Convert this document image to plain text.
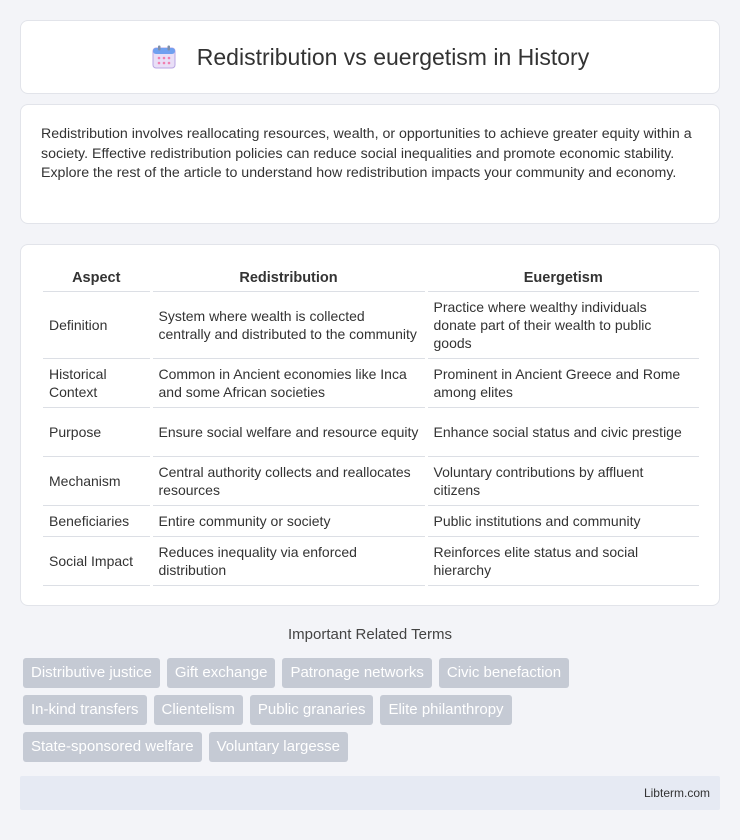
Redistribution vs euergetism in History

Redistribution involves reallocating resources, wealth, or opportunities to achieve greater equity within a society. Effective redistribution policies can reduce social inequalities and promote economic stability. Explore the rest of the article to understand how redistribution impacts your community and economy.

Aspect	Redistribution	Euergetism
Definition	System where wealth is collected centrally and distributed to the community	Practice where wealthy individuals donate part of their wealth to public goods
Historical Context	Common in Ancient economies like Inca and some African societies	Prominent in Ancient Greece and Rome among elites
Purpose	Ensure social welfare and resource equity	Enhance social status and civic prestige
Mechanism	Central authority collects and reallocates resources	Voluntary contributions by affluent citizens
Beneficiaries	Entire community or society	Public institutions and community
Social Impact	Reduces inequality via enforced distribution	Reinforces elite status and social hierarchy
Important Related Terms
Distributive justice	Gift exchange	Patronage networks	Civic benefaction
In-kind transfers	Clientelism	Public granaries	Elite philanthropy
State-sponsored welfare	Voluntary largesse
Libterm.com
